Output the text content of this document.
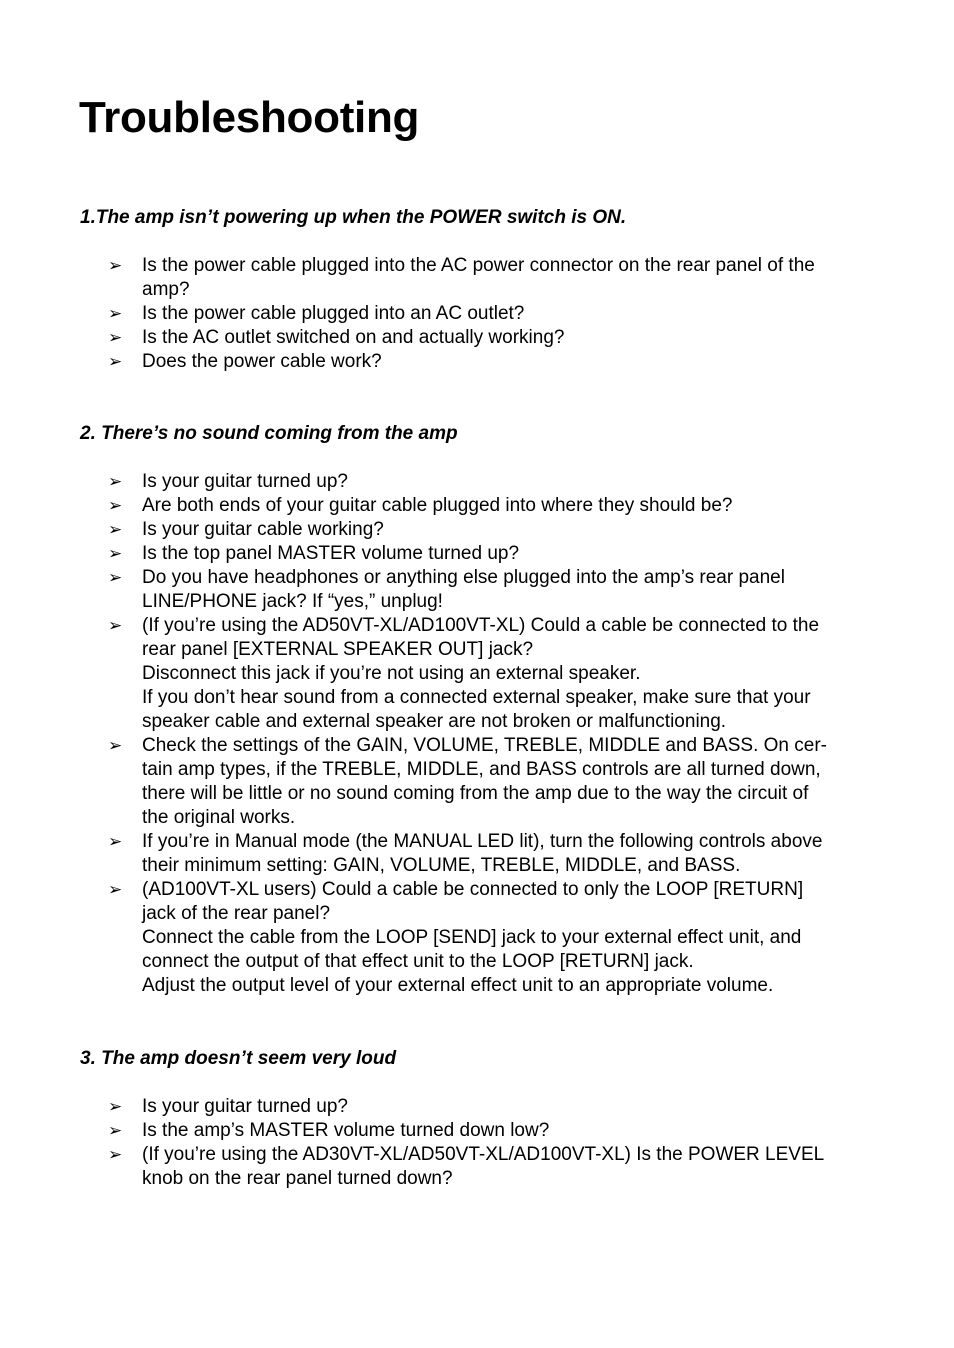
Troubleshooting
1.The amp isn’t powering up when the POWER switch is ON.
➢	Is the power cable plugged into the AC power connector on the rear panel of the
amp?
➢	Is the power cable plugged into an AC outlet?
➢	Is the AC outlet switched on and actually working?
➢	Does the power cable work?
2. There’s no sound coming from the amp
➢	Is your guitar turned up?
➢	Are both ends of your guitar cable plugged into where they should be?
➢	Is your guitar cable working?
➢	Is the top panel MASTER volume turned up?
➢	Do you have headphones or anything else plugged into the amp’s rear panel
LINE/PHONE jack? If “yes,” unplug!
➢	(If you’re using the AD50VT-XL/AD100VT-XL) Could a cable be connected to the
rear panel [EXTERNAL SPEAKER OUT] jack?
Disconnect this jack if you’re not using an external speaker.
If you don’t hear sound from a connected external speaker, make sure that your
speaker cable and external speaker are not broken or malfunctioning.
➢	Check the settings of the GAIN, VOLUME, TREBLE, MIDDLE and BASS. On cer-
tain amp types, if the TREBLE, MIDDLE, and BASS controls are all turned down,
there will be little or no sound coming from the amp due to the way the circuit of
the original works.
➢	If you’re in Manual mode (the MANUAL LED lit), turn the following controls above
their minimum setting: GAIN, VOLUME, TREBLE, MIDDLE, and BASS.
➢	(AD100VT-XL users) Could a cable be connected to only the LOOP [RETURN]
jack of the rear panel?
Connect the cable from the LOOP [SEND] jack to your external effect unit, and
connect the output of that effect unit to the LOOP [RETURN] jack.
Adjust the output level of your external effect unit to an appropriate volume.
3. The amp doesn’t seem very loud
➢	Is your guitar turned up?
➢	Is the amp’s MASTER volume turned down low?
➢	(If you’re using the AD30VT-XL/AD50VT-XL/AD100VT-XL) Is the POWER LEVEL
knob on the rear panel turned down?
